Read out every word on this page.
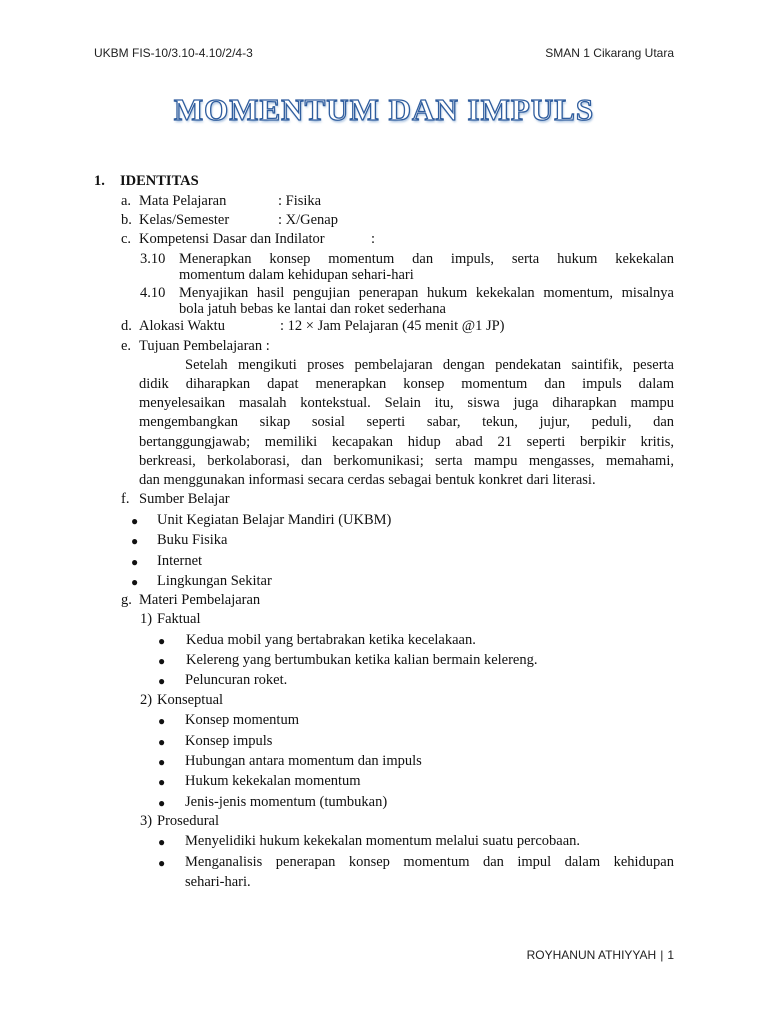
UKBM FIS-10/3.10-4.10/2/4-3	SMAN 1 Cikarang Utara
MOMENTUM DAN IMPULS
1. IDENTITAS
a. Mata Pelajaran	: Fisika
b. Kelas/Semester	: X/Genap
c. Kompetensi Dasar dan Indilator	:
3.10 Menerapkan konsep momentum dan impuls, serta hukum kekekalan
momentum dalam kehidupan sehari-hari
4.10 Menyajikan hasil pengujian penerapan hukum kekekalan momentum, misalnya
bola jatuh bebas ke lantai dan roket sederhana
d. Alokasi Waktu	: 12 × Jam Pelajaran (45 menit @1 JP)
e. Tujuan Pembelajaran :
Setelah mengikuti proses pembelajaran dengan pendekatan saintifik, peserta
didik diharapkan dapat menerapkan konsep momentum dan impuls dalam
menyelesaikan masalah kontekstual. Selain itu, siswa juga diharapkan mampu
mengembangkan sikap sosial seperti sabar, tekun, jujur, peduli, dan
bertanggungjawab; memiliki kecapakan hidup abad 21 seperti berpikir kritis,
berkreasi, berkolaborasi, dan berkomunikasi; serta mampu mengasses, memahami,
dan menggunakan informasi secara cerdas sebagai bentuk konkret dari literasi.
f. Sumber Belajar
● Unit Kegiatan Belajar Mandiri (UKBM)
● Buku Fisika
● Internet
● Lingkungan Sekitar
g. Materi Pembelajaran
1) Faktual
● Kedua mobil yang bertabrakan ketika kecelakaan.
● Kelereng yang bertumbukan ketika kalian bermain kelereng.
● Peluncuran roket.
2) Konseptual
● Konsep momentum
● Konsep impuls
● Hubungan antara momentum dan impuls
● Hukum kekekalan momentum
● Jenis-jenis momentum (tumbukan)
3) Prosedural
● Menyelidiki hukum kekekalan momentum melalui suatu percobaan.
● Menganalisis penerapan konsep momentum dan impul dalam kehidupan
sehari-hari.
ROYHANUN ATHIYYAH | 1
